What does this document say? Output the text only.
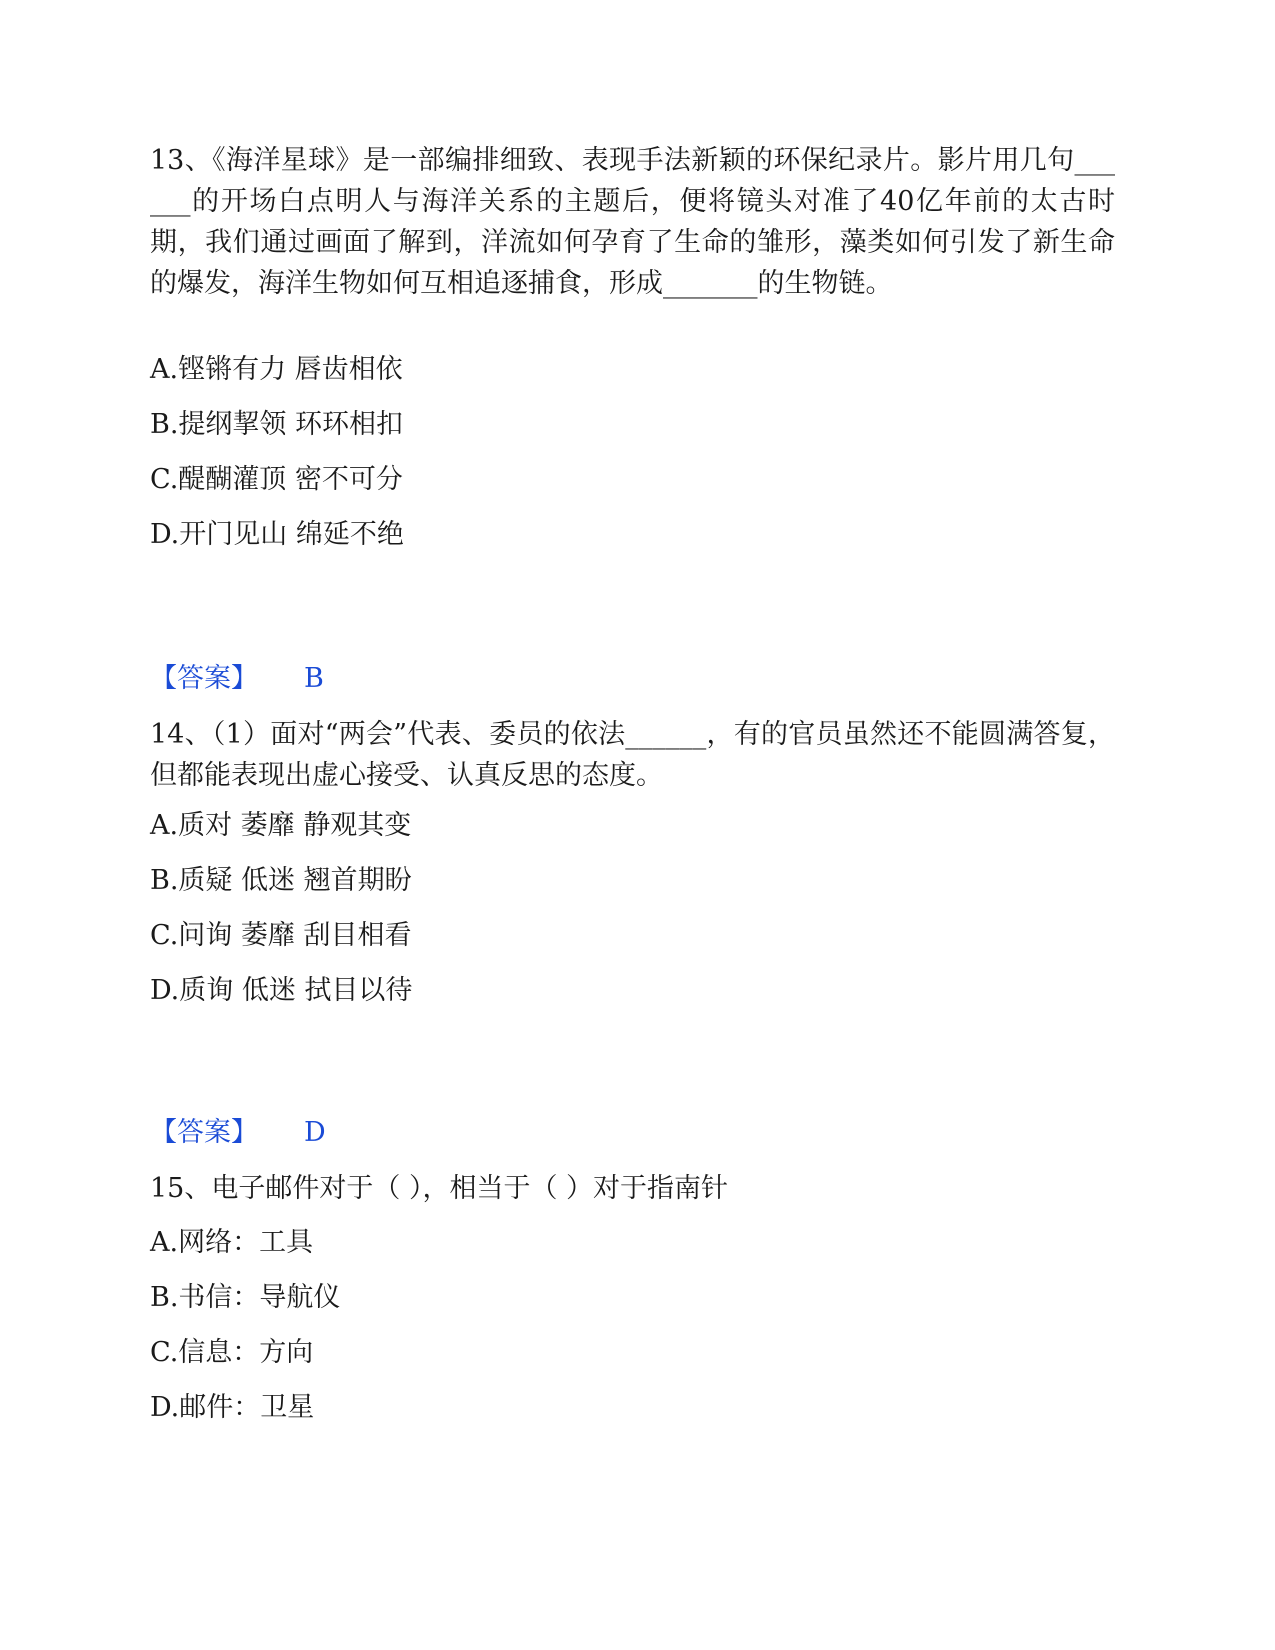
13、《海洋星球》是一部编排细致、表现手法新颖的环保纪录片。影片用几句______的开场白点明人与海洋关系的主题后，便将镜头对准了40亿年前的太古时期，我们通过画面了解到，洋流如何孕育了生命的雏形，藻类如何引发了新生命的爆发，海洋生物如何互相追逐捕食，形成_______的生物链。

A.铿锵有力 唇齿相依

B.提纲挈领 环环相扣

C.醍醐灌顶 密不可分

D.开门见山 绵延不绝

【答案】 B

14、（1）面对“两会”代表、委员的依法______，有的官员虽然还不能圆满答复，但都能表现出虚心接受、认真反思的态度。

A.质对 萎靡 静观其变

B.质疑 低迷 翘首期盼

C.问询 萎靡 刮目相看

D.质询 低迷 拭目以待

【答案】 D

15、电子邮件对于（ ），相当于（ ）对于指南针

A.网络：工具

B.书信：导航仪

C.信息：方向

D.邮件：卫星
